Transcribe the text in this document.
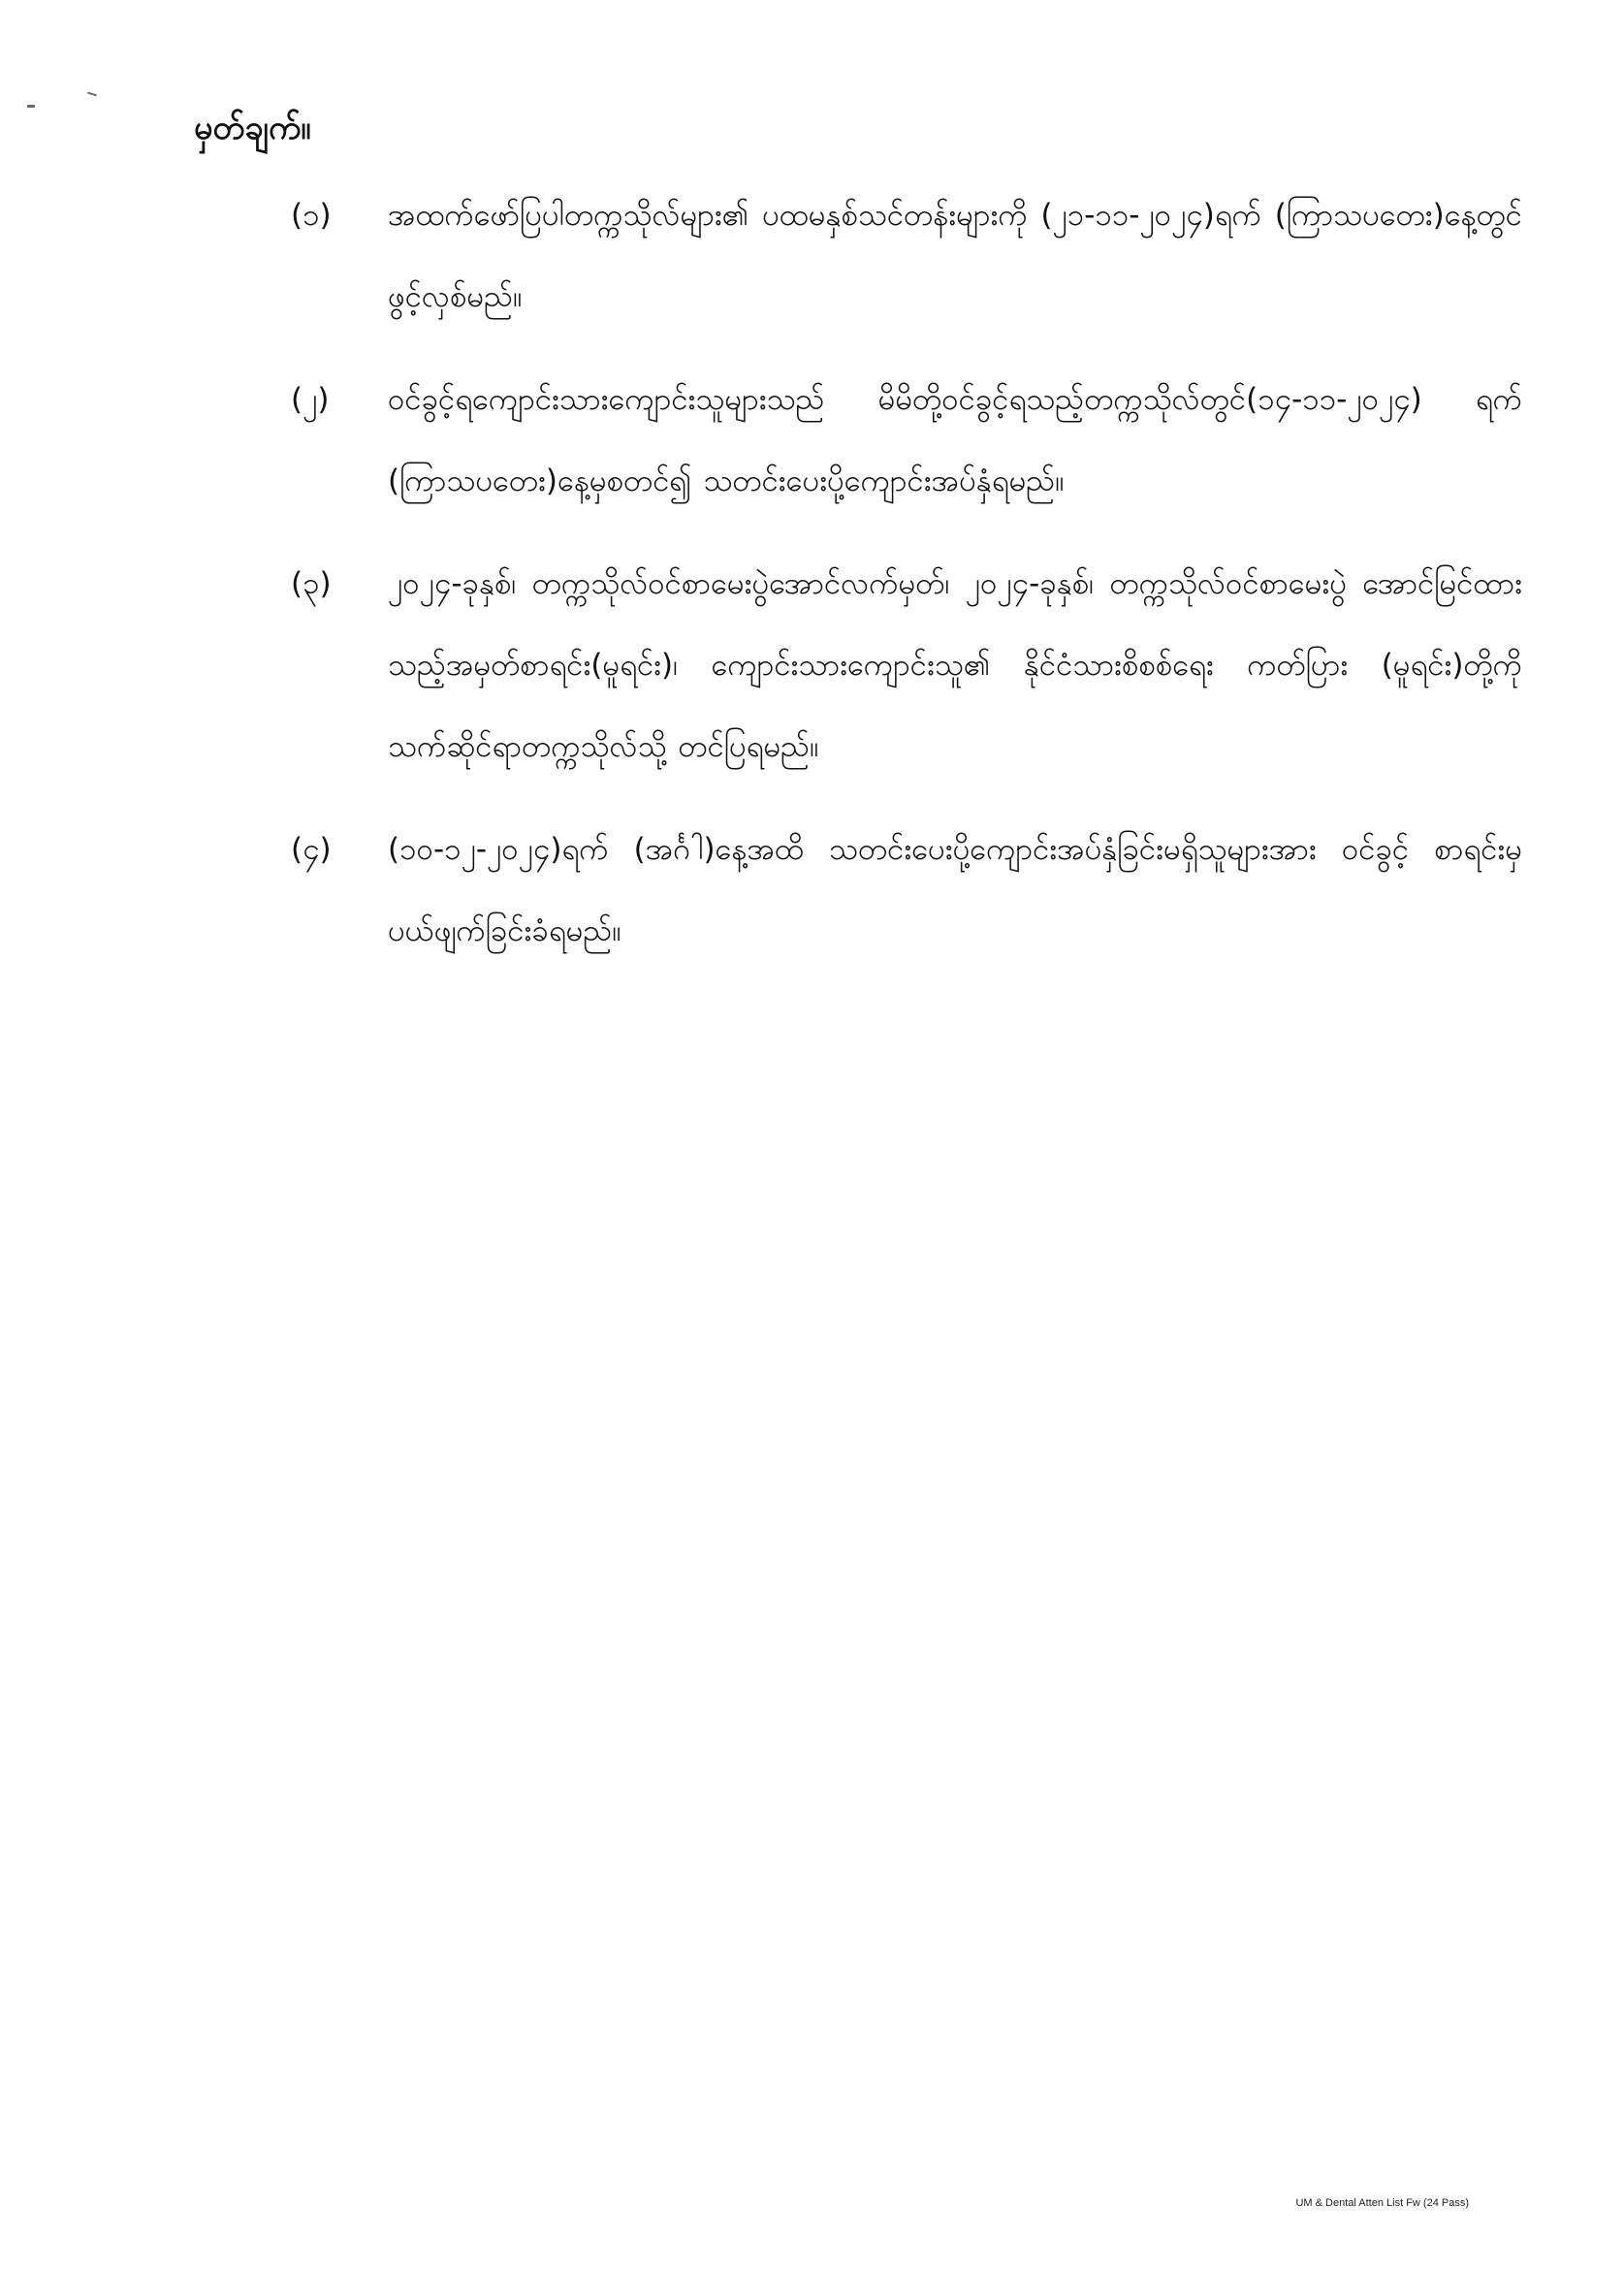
မှတ်ချက်။
(၁)	အထက်ဖော်ပြပါတက္ကသိုလ်များ၏ ပထမနှစ်သင်တန်းများကို (၂၁-၁၁-၂၀၂၄)ရက် (ကြာသပတေး)နေ့တွင် ဖွင့်လှစ်မည်။
(၂)	ဝင်ခွင့်ရကျောင်းသားကျောင်းသူများသည် မိမိတို့ဝင်ခွင့်ရသည့်တက္ကသိုလ်တွင်(၁၄-၁၁-၂၀၂၄) ရက် (ကြာသပတေး)နေ့မှစတင်၍ သတင်းပေးပို့ကျောင်းအပ်နှံရမည်။
(၃)	၂၀၂၄-ခုနှစ်၊ တက္ကသိုလ်ဝင်စာမေးပွဲအောင်လက်မှတ်၊ ၂၀၂၄-ခုနှစ်၊ တက္ကသိုလ်ဝင်စာမေးပွဲ အောင်မြင်ထားသည့်အမှတ်စာရင်း(မူရင်း)၊ ကျောင်းသားကျောင်းသူ၏ နိုင်ငံသားစိစစ်ရေး ကတ်ပြား (မူရင်း)တို့ကို သက်ဆိုင်ရာတက္ကသိုလ်သို့ တင်ပြရမည်။
(၄)	(၁၀-၁၂-၂၀၂၄)ရက် (အင်္ဂါ)နေ့အထိ သတင်းပေးပို့ကျောင်းအပ်နှံခြင်းမရှိသူများအား ဝင်ခွင့် စာရင်းမှ ပယ်ဖျက်ခြင်းခံရမည်။
UM & Dental Atten List Fw (24 Pass)
